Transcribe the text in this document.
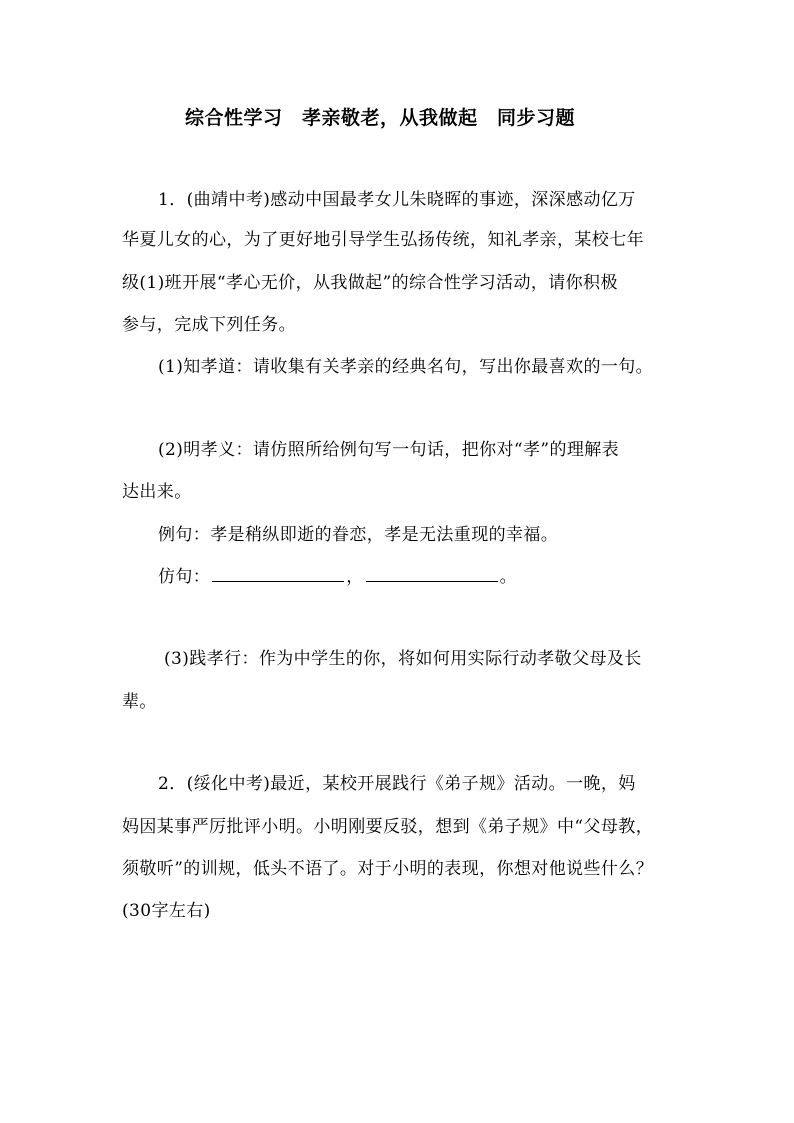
综合性学习　孝亲敬老，从我做起　同步习题
1．(曲靖中考)感动中国最孝女儿朱晓晖的事迹，深深感动亿万
华夏儿女的心，为了更好地引导学生弘扬传统，知礼孝亲，某校七年
级(1)班开展“孝心无价，从我做起”的综合性学习活动，请你积极
参与，完成下列任务。
(1)知孝道：请收集有关孝亲的经典名句，写出你最喜欢的一句。
(2)明孝义：请仿照所给例句写一句话，把你对“孝”的理解表
达出来。
例句：孝是稍纵即逝的眷恋，孝是无法重现的幸福。
仿句：	，	。
(3)践孝行：作为中学生的你，将如何用实际行动孝敬父母及长
辈。
2．(绥化中考)最近，某校开展践行《弟子规》活动。一晚，妈
妈因某事严厉批评小明。小明刚要反驳，想到《弟子规》中“父母教，
须敬听”的训规，低头不语了。对于小明的表现，你想对他说些什么？
(30字左右)
